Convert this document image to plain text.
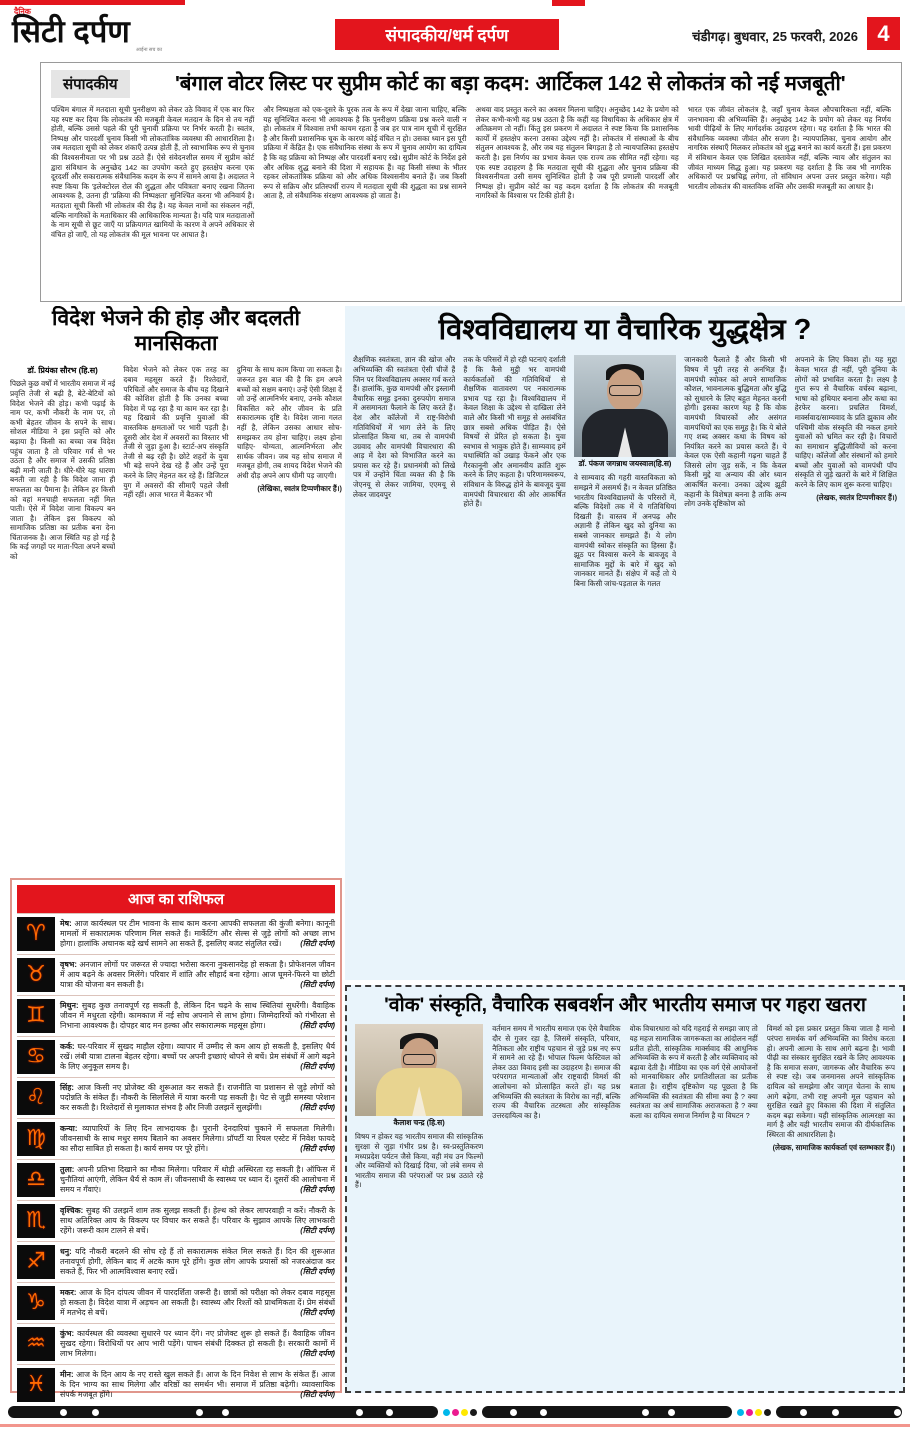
दैनिक
सिटी दर्पण
आईना सच का
संपादकीय/धर्म दर्पण	चंडीगढ़। बुधवार, 25 फरवरी, 2026 4
संपादकीय	'बंगाल वोटर लिस्ट पर सुप्रीम कोर्ट का बड़ा कदम: आर्टिकल 142 से लोकतंत्र को नई मजबूती'

पश्चिम बंगाल में मतदाता सूची पुनरीक्षण को लेकर उठे विवाद में एक बार फिर यह स्पष्ट कर दिया कि लोकतंत्र की मजबूती केवल मतदान के दिन से तय नहीं होती, बल्कि उससे पहले की पूरी चुनावी प्रक्रिया पर निर्भर करती है। स्वतंत्र, निष्पक्ष और पारदर्शी चुनाव किसी भी लोकतांत्रिक व्यवस्था की आधारशिला है। जब मतदाता सूची को लेकर शंकाएँ उत्पन्न होती हैं, तो स्वाभाविक रूप से चुनाव की विश्वसनीयता पर भी प्रश्न उठते हैं। ऐसे संवेदनशील समय में सुप्रीम कोर्ट द्वारा संविधान के अनुच्छेद 142 का उपयोग करते हुए हस्तक्षेप करना एक दूरदर्शी और सकारात्मक संवैधानिक कदम के रूप में सामने आया है। अदालत ने स्पष्ट किया कि 'इलेक्टोरल रोल की शुद्धता और पवित्रता' बनाए रखना जितना आवश्यक है, उतना ही 'प्रक्रिया की निष्पक्षता' सुनिश्चित करना भी अनिवार्य है। मतदाता सूची किसी भी लोकतंत्र की रीढ़ है। यह केवल नामों का संकलन नहीं, बल्कि नागरिकों के मताधिकार की आधिकारिक मान्यता है। यदि पात्र मतदाताओं के नाम सूची से छूट जाएँ या प्रक्रियागत खामियों के कारण वे अपने अधिकार से वंचित हो जाएँ, तो यह लोकतंत्र की मूल भावना पर आघात है।

और निष्पक्षता को एक-दूसरे के पूरक तत्व के रूप में देखा जाना चाहिए, बल्कि यह सुनिश्चित करना भी आवश्यक है कि पुनरीक्षण प्रक्रिया प्रश्न करने वाली न हो। लोकतंत्र में विश्वास तभी कायम रहता है जब हर पात्र नाम सूची में सुरक्षित है और किसी प्रशासनिक चूक के कारण कोई वंचित न हो। उसका ध्यान इस पूरी प्रक्रिया में केंद्रित है। एक संवैधानिक संस्था के रूप में चुनाव आयोग का दायित्व है कि वह प्रक्रिया को निष्पक्ष और पारदर्शी बनाए रखे। सुप्रीम कोर्ट के निर्देश इसे और अधिक शुद्ध बनाने की दिशा में सहायक हैं। वह किसी संस्था के भीतर रहकर लोकतांत्रिक प्रक्रिया को और अधिक विश्वसनीय बनाते हैं। जब किसी रूप से सक्रिय और प्रतिस्पर्धी राज्य में मतदाता सूची की शुद्धता का प्रश्न सामने आता है, तो संवैधानिक संरक्षण आवश्यक हो जाता है।

अथवा वाद प्रस्तुत करने का अवसर मिलना चाहिए। अनुच्छेद 142 के प्रयोग को लेकर कभी-कभी यह प्रश्न उठता है कि कहीं यह विधायिका के अधिकार क्षेत्र में अतिक्रमण तो नहीं। किंतु इस प्रकरण में अदालत ने स्पष्ट किया कि प्रशासनिक कार्यों में हस्तक्षेप करना उसका उद्देश्य नहीं है। लोकतंत्र में संस्थाओं के बीच संतुलन आवश्यक है, और जब यह संतुलन बिगड़ता है तो न्यायपालिका हस्तक्षेप करती है। इस निर्णय का प्रभाव केवल एक राज्य तक सीमित नहीं रहेगा। यह एक स्पष्ट उदाहरण है कि मतदाता सूची की शुद्धता और चुनाव प्रक्रिया की विश्वसनीयता उसी समय सुनिश्चित होती है जब पूरी प्रणाली पारदर्शी और निष्पक्ष हो। सुप्रीम कोर्ट का यह कदम दर्शाता है कि लोकतंत्र की मजबूती नागरिकों के विश्वास पर टिकी होती है।

भारत एक जीवंत लोकतंत्र है, जहाँ चुनाव केवल औपचारिकता नहीं, बल्कि जनभावना की अभिव्यक्ति हैं। अनुच्छेद 142 के प्रयोग को लेकर यह निर्णय भावी पीढ़ियों के लिए मार्गदर्शक उदाहरण रहेगा। यह दर्शाता है कि भारत की संवैधानिक व्यवस्था जीवंत और सजग है। न्यायपालिका, चुनाव आयोग और नागरिक संस्थाएँ मिलकर लोकतंत्र को शुद्ध बनाने का कार्य करती हैं। इस प्रकरण में संविधान केवल एक लिखित दस्तावेज नहीं, बल्कि न्याय और संतुलन का जीवंत माध्यम सिद्ध हुआ। यह प्रकरण यह दर्शाता है कि जब भी नागरिक अधिकारों पर प्रश्नचिह्न लगेगा, तो संविधान अपना उत्तर प्रस्तुत करेगा। यही भारतीय लोकतंत्र की वास्तविक शक्ति और उसकी मजबूती का आधार है।

विदेश भेजने की होड़ और बदलती मानसिकता

डॉ. प्रियंका सौरभ (हि.स)

पिछले कुछ वर्षों में भारतीय समाज में नई प्रवृत्ति तेजी से बढ़ी है, बेटे-बेटियों को विदेश भेजने की होड़। कभी पढ़ाई के नाम पर, कभी नौकरी के नाम पर, तो कभी बेहतर जीवन के सपने के साथ। सोशल मीडिया ने इस प्रवृत्ति को और बढ़ाया है। किसी का बच्चा जब विदेश पहुंच जाता है तो परिवार गर्व से भर उठता है और समाज में उसकी प्रतिष्ठा बढ़ी मानी जाती है। धीरे-धीरे यह धारणा बनती जा रही है कि विदेश जाना ही सफलता का पैमाना है। लेकिन हर किसी को वहां मनचाही सफलता नहीं मिल पाती। ऐसे में विदेश जाना विकल्प बन जाता है। लेकिन इस विकल्प को सामाजिक प्रतिष्ठा का प्रतीक बना देना चिंताजनक है। आज स्थिति यह हो गई है कि कई जगहों पर माता-पिता अपने बच्चों को

विदेश भेजने को लेकर एक तरह का दबाव महसूस करते हैं। रिश्तेदारों, परिचितों और समाज के बीच यह दिखाने की कोशिश होती है कि उनका बच्चा विदेश में पढ़ रहा है या काम कर रहा है। यह दिखावे की प्रवृत्ति युवाओं की वास्तविक क्षमताओं पर भारी पड़ती है। दूसरी ओर देश में अवसरों का विस्तार भी तेजी से जुड़ा हुआ है। स्टार्ट-अप संस्कृति तेजी से बढ़ रही है। छोटे शहरों के युवा भी बड़े सपने देख रहे हैं और उन्हें पूरा करने के लिए मेहनत कर रहे हैं। डिजिटल युग में अवसरों की सीमाएँ पहले जैसी नहीं रहीं। आज भारत में बैठकर भी

दुनिया के साथ काम किया जा सकता है। जरूरत इस बात की है कि हम अपने बच्चों को सक्षम बनाएं। उन्हें ऐसी शिक्षा दें जो उन्हें आत्मनिर्भर बनाए, उनके कौशल विकसित करे और जीवन के प्रति सकारात्मक दृष्टि दे। विदेश जाना गलत नहीं है, लेकिन उसका आधार सोच-समझकर तय होना चाहिए। लक्ष्य होना चाहिए- योग्यता, आत्मनिर्भरता और सार्थक जीवन। जब यह सोच समाज में मजबूत होगी, तब शायद विदेश भेजने की अंधी दौड़ अपने आप धीमी पड़ जाएगी।

(लेखिका, स्वतंत्र टिप्पणीकार हैं।)
विश्वविद्यालय या वैचारिक युद्धक्षेत्र ?

शैक्षणिक स्वतंत्रता, ज्ञान की खोज और अभिव्यक्ति की स्वतंत्रता ऐसी चीजें हैं जिन पर विश्वविद्यालय अक्सर गर्व करते हैं। हालांकि, कुछ वामपंथी और इस्लामी वैचारिक समूह इनका दुरुपयोग समाज में असमानता फैलाने के लिए करते हैं। देश और कॉलेजों में राष्ट्र-विरोधी गतिविधियों में भाग लेने के लिए प्रोत्साहित किया था, तब से वामपंथी उग्रवाद और वामपंथी विचारधारा की आड़ में देश को विभाजित करने का प्रयास कर रहे हैं। प्रधानमंत्री को लिखे पत्र में उन्होंने चिंता व्यक्त की है कि जेएनयू से लेकर जामिया, एएमयू से लेकर जादवपुर

तक के परिसरों में हो रही घटनाएं दर्शाती हैं कि कैसे मुट्ठी भर वामपंथी कार्यकर्ताओं की गतिविधियों से शैक्षणिक वातावरण पर नकारात्मक प्रभाव पड़ रहा है। विश्वविद्यालय में केवल शिक्षा के उद्देश्य से दाखिला लेने वाले और किसी भी समूह से असंबंधित छात्र सबसे अधिक पीड़ित हैं। ऐसे विषयों से प्रेरित हो सकता है। युवा स्वभाव से भावुक होते हैं। साम्यवाद हमें यथास्थिति को उखाड़ फेंकने और एक गैरकानूनी और अमानवीय क्रांति शुरू करने के लिए कहता है। परिणामस्वरूप, संविधान के विरुद्ध होने के बावजूद युवा वामपंथी विचारधारा की ओर आकर्षित होते हैं।

डॉ. पंकज जगन्नाथ जयस्वाल(हि.स)

वे साम्यवाद की गहरी वास्तविकता को समझने में असमर्थ हैं। न केवल प्रतिष्ठित भारतीय विश्वविद्यालयों के परिसरों में, बल्कि विदेशों तक में ये गतिविधियां दिखती हैं। वास्तव में अनपढ़ और अज्ञानी हैं लेकिन खुद को दुनिया का सबसे जानकार समझते हैं। ये लोग वामपंथी स्वोकर संस्कृति का हिस्सा हैं। झूठ पर विश्वास करने के बावजूद वे सामाजिक मुद्दों के बारे में खुद को जानकार मानते हैं। संक्षेप में कहें तो ये बिना किसी जांच-पड़ताल के गलत

जानकारी फैलाते हैं और किसी भी विषय में पूरी तरह से अनभिज्ञ हैं। वामपंथी स्वोकर को अपने सामाजिक कौशल, भावनात्मक बुद्धिमता और बुद्धि को सुधारने के लिए बहुत मेहनत करनी होगी। इसका कारण यह है कि वोक वामपंथी विचारकों और असंगत वामपंथियों का एक समूह है। कि ये बोले गए शब्द अक्सर कथा के विषय को नियंत्रित करने का प्रयास करते हैं। ये केवल एक ऐसी कहानी गढ़ना चाहते हैं जिससे लोग जुड़ सकें, न कि केवल किसी मुद्दे या अन्याय की ओर ध्यान आकर्षित करना। उनका उद्देश्य झूठी कहानी के विशेषज्ञ बनना है ताकि अन्य लोग उनके दृष्टिकोण को

अपनाने के लिए विवश हों। यह मुद्दा केवल भारत ही नहीं, पूरी दुनिया के लोगों को प्रभावित करता है। लक्ष्य है गुप्त रूप से वैचारिक वर्चस्व बढ़ाना, भाषा को हथियार बनाना और कथा का हेरफेर करना। प्रचलित विमर्श, मार्क्सवाद/साम्यवाद के प्रति झुकाव और पश्चिमी वोक संस्कृति की नकल हमारे युवाओं को भ्रमित कर रही है। विचारों का समाधान बुद्धिजीवियों को करना चाहिए। कॉलेजों और संस्थानों को हमारे बच्चों और युवाओं को वामपंथी पॉप संस्कृति से जुड़े खतरों के बारे में शिक्षित करने के लिए काम शुरू करना चाहिए।

(लेखक, स्वतंत्र टिप्पणीकार हैं।)
आज का राशिफल
♈ मेष: आज कार्यस्थल पर टीम भावना के साथ काम करना आपकी सफलता की कुंजी बनेगा। कानूनी मामलों में सकारात्मक परिणाम मिल सकते हैं। मार्केटिंग और सेल्स से जुड़े लोगों को अच्छा लाभ होगा। हालांकि अचानक बड़े खर्च सामने आ सकते हैं, इसलिए बजट संतुलित रखें। (सिटी दर्पण)

♉ वृषभ: अनजान लोगों पर जरूरत से ज्यादा भरोसा करना नुकसानदेह हो सकता है। प्रोफेशनल जीवन में आय बढ़ने के अवसर मिलेंगे। परिवार में शांति और सौहार्द बना रहेगा। आज घूमने-फिरने या छोटी यात्रा की योजना बन सकती है।	(सिटी दर्पण)

♊ मिथुन: सुबह कुछ तनावपूर्ण रह सकती है, लेकिन दिन चढ़ने के साथ स्थितियां सुधरेंगी। वैवाहिक जीवन में मधुरता रहेगी। कामकाज में नई सोच अपनाने से लाभ होगा। जिम्मेदारियों को गंभीरता से निभाना आवश्यक है। दोपहर बाद मन हल्का और सकारात्मक महसूस होगा।	(सिटी दर्पण)

♋ कर्क: घर-परिवार में सुखद माहौल रहेगा। व्यापार में उम्मीद से कम आय हो सकती है, इसलिए धैर्य रखें। लंबी यात्रा टालना बेहतर रहेगा। बच्चों पर अपनी इच्छाएं थोपने से बचें। प्रेम संबंधों में आगे बढ़ने के लिए अनुकूल समय है।	(सिटी दर्पण)

♌ सिंह: आज किसी नए प्रोजेक्ट की शुरूआत कर सकते हैं। राजनीति या प्रशासन से जुड़े लोगों को पदोन्नति के संकेत हैं। नौकरी के सिलसिले में यात्रा करनी पड़ सकती है। पेट से जुड़ी समस्या परेशान कर सकती है। रिश्तेदारों से मुलाकात संभव है और निजी उलझनें सुलझेंगी।	(सिटी दर्पण)

♍ कन्या: व्यापारियों के लिए दिन लाभदायक है। पुरानी देनदारियां चुकाने में सफलता मिलेगी। जीवनसाथी के साथ मधुर समय बिताने का अवसर मिलेगा। प्रॉपर्टी या रियल एस्टेट में निवेश फायदे का सौदा साबित हो सकता है। कार्य समय पर पूरे होंगे।	(सिटी दर्पण)

♎ तुला: अपनी प्रतिभा दिखाने का मौका मिलेगा। परिवार में थोड़ी अस्थिरता रह सकती है। ऑफिस में चुनौतियां आएंगी, लेकिन धैर्य से काम लें। जीवनसाथी के स्वास्थ्य पर ध्यान दें। दूसरों की आलोचना में समय न गँवाएं।	(सिटी दर्पण)

♏ वृश्चिक: सुबह की उलझनें शाम तक सुलझ सकती हैं। हेल्थ को लेकर लापरवाही न करें। नौकरी के साथ अतिरिक्त आय के विकल्प पर विचार कर सकते हैं। परिवार के सुझाव आपके लिए लाभकारी रहेंगे। जरूरी काम टालने से बचें।	(सिटी दर्पण)

♐ धनु: यदि नौकरी बदलने की सोच रहे हैं तो सकारात्मक संकेत मिल सकते हैं। दिन की शुरूआत तनावपूर्ण होगी, लेकिन बाद में अटके काम पूरे होंगे। कुछ लोग आपके प्रयासों को नजरअंदाज कर सकते हैं, फिर भी आत्मविश्वास बनाए रखें।	(सिटी दर्पण)

♑ मकर: आज के दिन दांपत्य जीवन में पारदर्शिता जरूरी है। छात्रों को परीक्षा को लेकर दबाव महसूस हो सकता है। विदेश यात्रा में अड़चन आ सकती है। स्वास्थ्य और रिश्तों को प्राथमिकता दें। प्रेम संबंधों में मतभेद से बचें।	(सिटी दर्पण)

♒ कुंभ: कार्यस्थल की व्यवस्था सुधारने पर ध्यान देंगे। नए प्रोजेक्ट शुरू हो सकते हैं। वैवाहिक जीवन सुखद रहेगा। विरोधियों पर आप भारी पड़ेंगे। पाचन संबंधी दिक्कत हो सकती है। सरकारी कामों में लाभ मिलेगा।	(सिटी दर्पण)

♓ मीन: आज के दिन आय के नए रास्ते खुल सकते हैं। आज के दिन निवेश से लाभ के संकेत हैं। आज के दिन भाग्य का साथ मिलेगा और वरिष्ठों का समर्थन भी। समाज में प्रतिष्ठा बढ़ेगी। व्यावसायिक संपर्क मजबूत होंगे।	(सिटी दर्पण)

'वोक' संस्कृति, वैचारिक सबवर्शन और भारतीय समाज पर गहरा खतरा

कैलाश चन्द्र (हि.स)

विषय न होकर यह भारतीय समाज की सांस्कृतिक सुरक्षा से जुड़ा गंभीर प्रश्न है। स्व-प्रस्तुतिकरण मध्यप्रदेश पर्यटन जैसे किया, वही मंच उन फिल्मों और व्यक्तियों को दिखाई दिया, जो लंबे समय से भारतीय समाज की परंपराओं पर प्रश्न उठाते रहे हैं।

वर्तमान समय में भारतीय समाज एक ऐसे वैचारिक दौर से गुजर रहा है, जिसमें संस्कृति, परिवार, नैतिकता और राष्ट्रीय पहचान से जुड़े प्रश्न नए रूप में सामने आ रहे हैं। भोपाल फिल्म फेस्टिवल को लेकर उठा विवाद इसी का उदाहरण है। समाज की परंपरागत मान्यताओं और राष्ट्रवादी विमर्श की आलोचना को प्रोत्साहित करते हों। यह प्रश्न अभिव्यक्ति की स्वतंत्रता के विरोध का नहीं, बल्कि राज्य की वैचारिक तटस्थता और सांस्कृतिक उत्तरदायित्व का है।

वोक विचारधारा को यदि गहराई से समझा जाए तो यह महज सामाजिक जागरूकता का आंदोलन नहीं प्रतीत होती, सांस्कृतिक मार्क्सवाद की आधुनिक अभिव्यक्ति के रूप में करती है और व्यक्तिवाद को बढ़ावा देती है। मीडिया का एक वर्ग ऐसे आयोजनों को मानवाधिकार और प्रगतिशीलता का प्रतीक बताता है। राष्ट्रीय दृष्टिकोण यह पूछता है कि अभिव्यक्ति की स्वतंत्रता की सीमा क्या है ? क्या स्वतंत्रता का अर्थ सामाजिक अराजकता है ? क्या कला का दायित्व समाज निर्माण है या विघटन ?

विमर्श को इस प्रकार प्रस्तुत किया जाता है मानो परंपरा समर्थक वर्ग अभिव्यक्ति का विरोध करता हो। अपनी आत्मा के साथ आगे बढ़ना है। भावी पीढ़ी का संस्कार सुरक्षित रखने के लिए आवश्यक है कि समाज सजग, जागरूक और वैचारिक रूप से स्पष्ट रहे। जब जनमानस अपने सांस्कृतिक दायित्व को समझेगा और जागृत चेतना के साथ आगे बढ़ेगा, तभी राष्ट्र अपनी मूल पहचान को सुरक्षित रखते हुए विकास की दिशा में संतुलित कदम बढ़ा सकेगा। यही सांस्कृतिक आत्मरक्षा का मार्ग है और यही भारतीय समाज की दीर्घकालिक स्थिरता की आधारशिला है।

(लेखक, सामाजिक कार्यकर्ता एवं स्तम्भकार हैं।)
